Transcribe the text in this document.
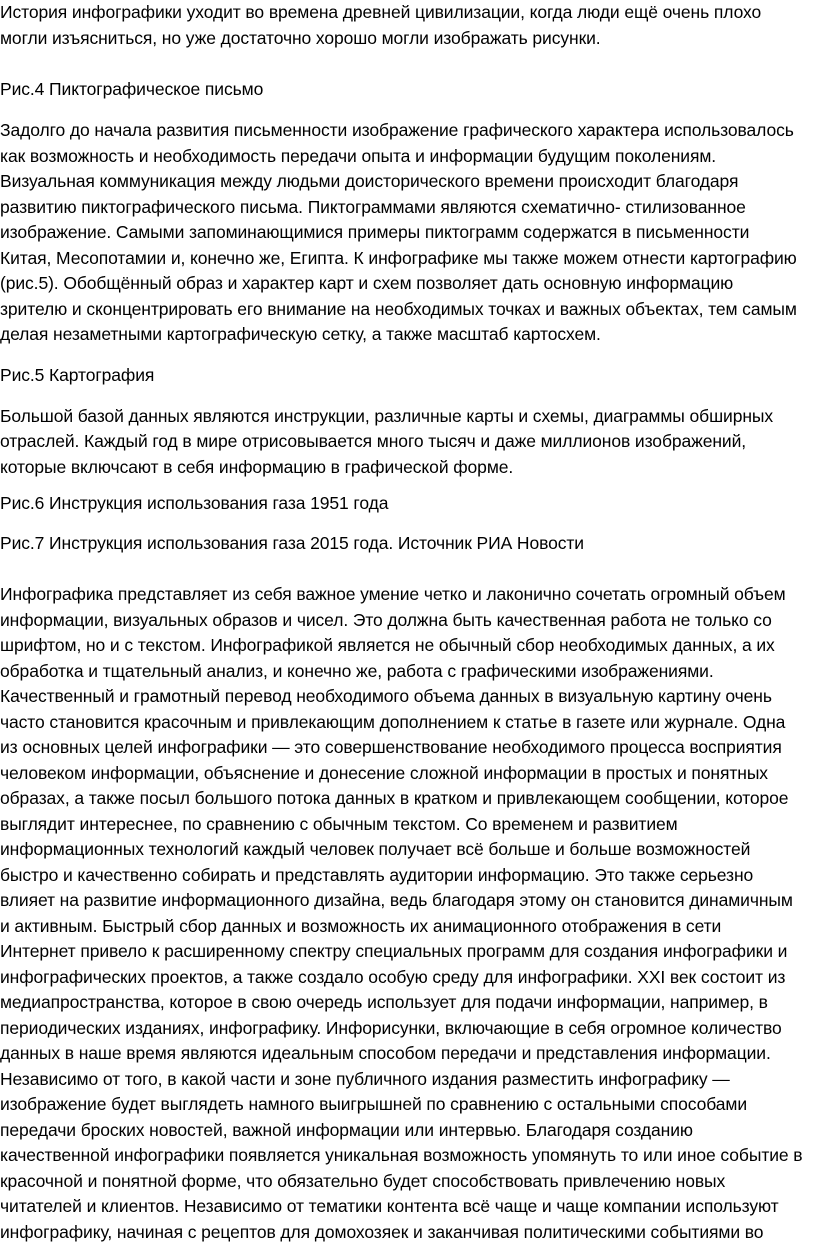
История инфографики уходит во времена древней цивилизации, когда люди ещё очень плохо
могли изъясниться, но уже достаточно хорошо могли изображать рисунки.
Рис.4 Пиктографическое письмо
Задолго до начала развития письменности изображение графического характера использовалось
как возможность и необходимость передачи опыта и информации будущим поколениям.
Визуальная коммуникация между людьми доисторического времени происходит благодаря
развитию пиктографического письма. Пиктограммами являются схематично- стилизованное
изображение. Самыми запоминающимися примеры пиктограмм содержатся в письменности
Китая, Месопотамии и, конечно же, Египта. К инфографике мы также можем отнести картографию
(рис.5). Обобщённый образ и характер карт и схем позволяет дать основную информацию
зрителю и сконцентрировать его внимание на необходимых точках и важных объектах, тем самым
делая незаметными картографическую сетку, а также масштаб картосхем.
Рис.5 Картография
Большой базой данных являются инструкции, различные карты и схемы, диаграммы обширных
отраслей. Каждый год в мире отрисовывается много тысяч и даже миллионов изображений,
которые включсают в себя информацию в графической форме.
Рис.6 Инструкция использования газа 1951 года
Рис.7 Инструкция использования газа 2015 года. Источник РИА Новости
Инфографика представляет из себя важное умение четко и лаконично сочетать огромный объем
информации, визуальных образов и чисел. Это должна быть качественная работа не только со
шрифтом, но и с текстом. Инфографикой является не обычный сбор необходимых данных, а их
обработка и тщательный анализ, и конечно же, работа с графическими изображениями.
Качественный и грамотный перевод необходимого объема данных в визуальную картину очень
часто становится красочным и привлекающим дополнением к статье в газете или журнале. Одна
из основных целей инфографики — это совершенствование необходимого процесса восприятия
человеком информации, объяснение и донесение сложной информации в простых и понятных
образах, а также посыл большого потока данных в кратком и привлекающем сообщении, которое
выглядит интереснее, по сравнению с обычным текстом. Со временем и развитием
информационных технологий каждый человек получает всё больше и больше возможностей
быстро и качественно собирать и представлять аудитории информацию. Это также серьезно
влияет на развитие информационного дизайна, ведь благодаря этому он становится динамичным
и активным. Быстрый сбор данных и возможность их анимационного отображения в сети
Интернет привело к расширенному спектру специальных программ для создания инфографики и
инфографических проектов, а также создало особую среду для инфографики. XXI век состоит из
медиапространства, которое в свою очередь использует для подачи информации, например, в
периодических изданиях, инфографику. Инфорисунки, включающие в себя огромное количество
данных в наше время являются идеальным способом передачи и представления информации.
Независимо от того, в какой части и зоне публичного издания разместить инфографику —
изображение будет выглядеть намного выигрышней по сравнению с остальными способами
передачи броских новостей, важной информации или интервью. Благодаря созданию
качественной инфографики появляется уникальная возможность упомянуть то или иное событие в
красочной и понятной форме, что обязательно будет способствовать привлечению новых
читателей и клиентов. Независимо от тематики контента всё чаще и чаще компании используют
инфографику, начиная с рецептов для домохозяек и заканчивая политическими событиями во
